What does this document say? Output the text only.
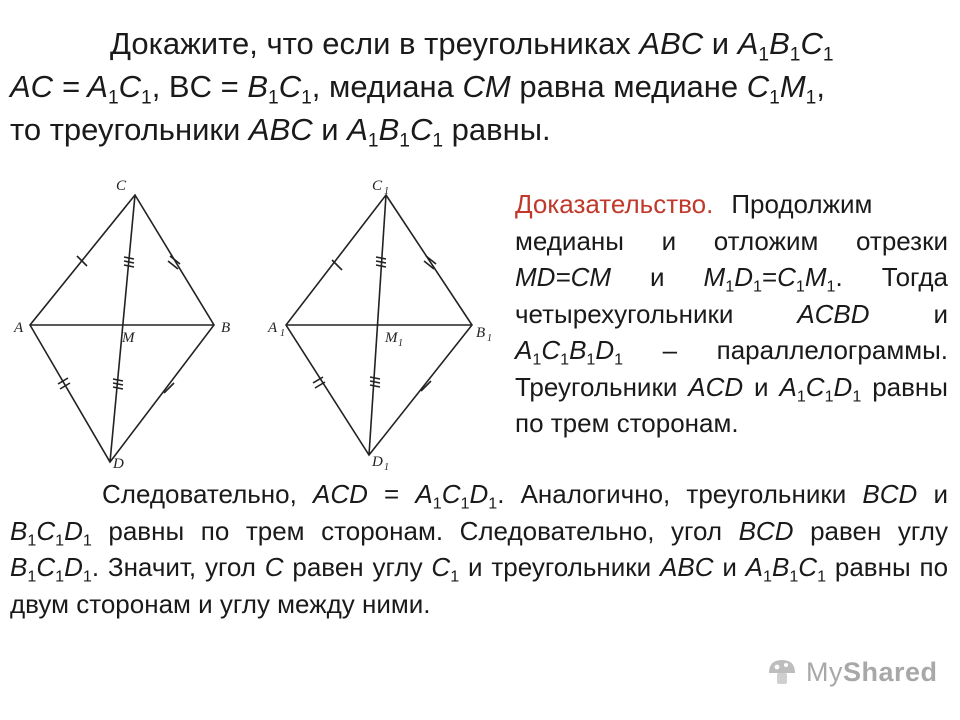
Докажите, что если в треугольниках ABC и $A_1B_1C_1$
AC = $A_1C_1$, BC = $B_1C_1$, медиана CM равна медиане $C_1M_1$,
то треугольники ABC и $A_1B_1C_1$ равны.

C
A	B
M
D
C 1
A 1	B 1
M 1
D 1

Доказательство. Продолжим медианы и отложим отрезки MD=CM и $M_1D_1=C_1M_1$. Тогда четырехугольники ACBD и $A_1C_1B_1D_1$ – параллелограммы. Треугольники ACD и $A_1C_1D_1$ равны по трем сторонам.

Следовательно, ACD = $A_1C_1D_1$. Аналогично, треугольники BCD и $B_1C_1D_1$ равны по трем сторонам. Следовательно, угол BCD равен углу $B_1C_1D_1$. Значит, угол C равен углу $C_1$ и треугольники ABC и $A_1B_1C_1$ равны по двум сторонам и углу между ними.

MyShared
